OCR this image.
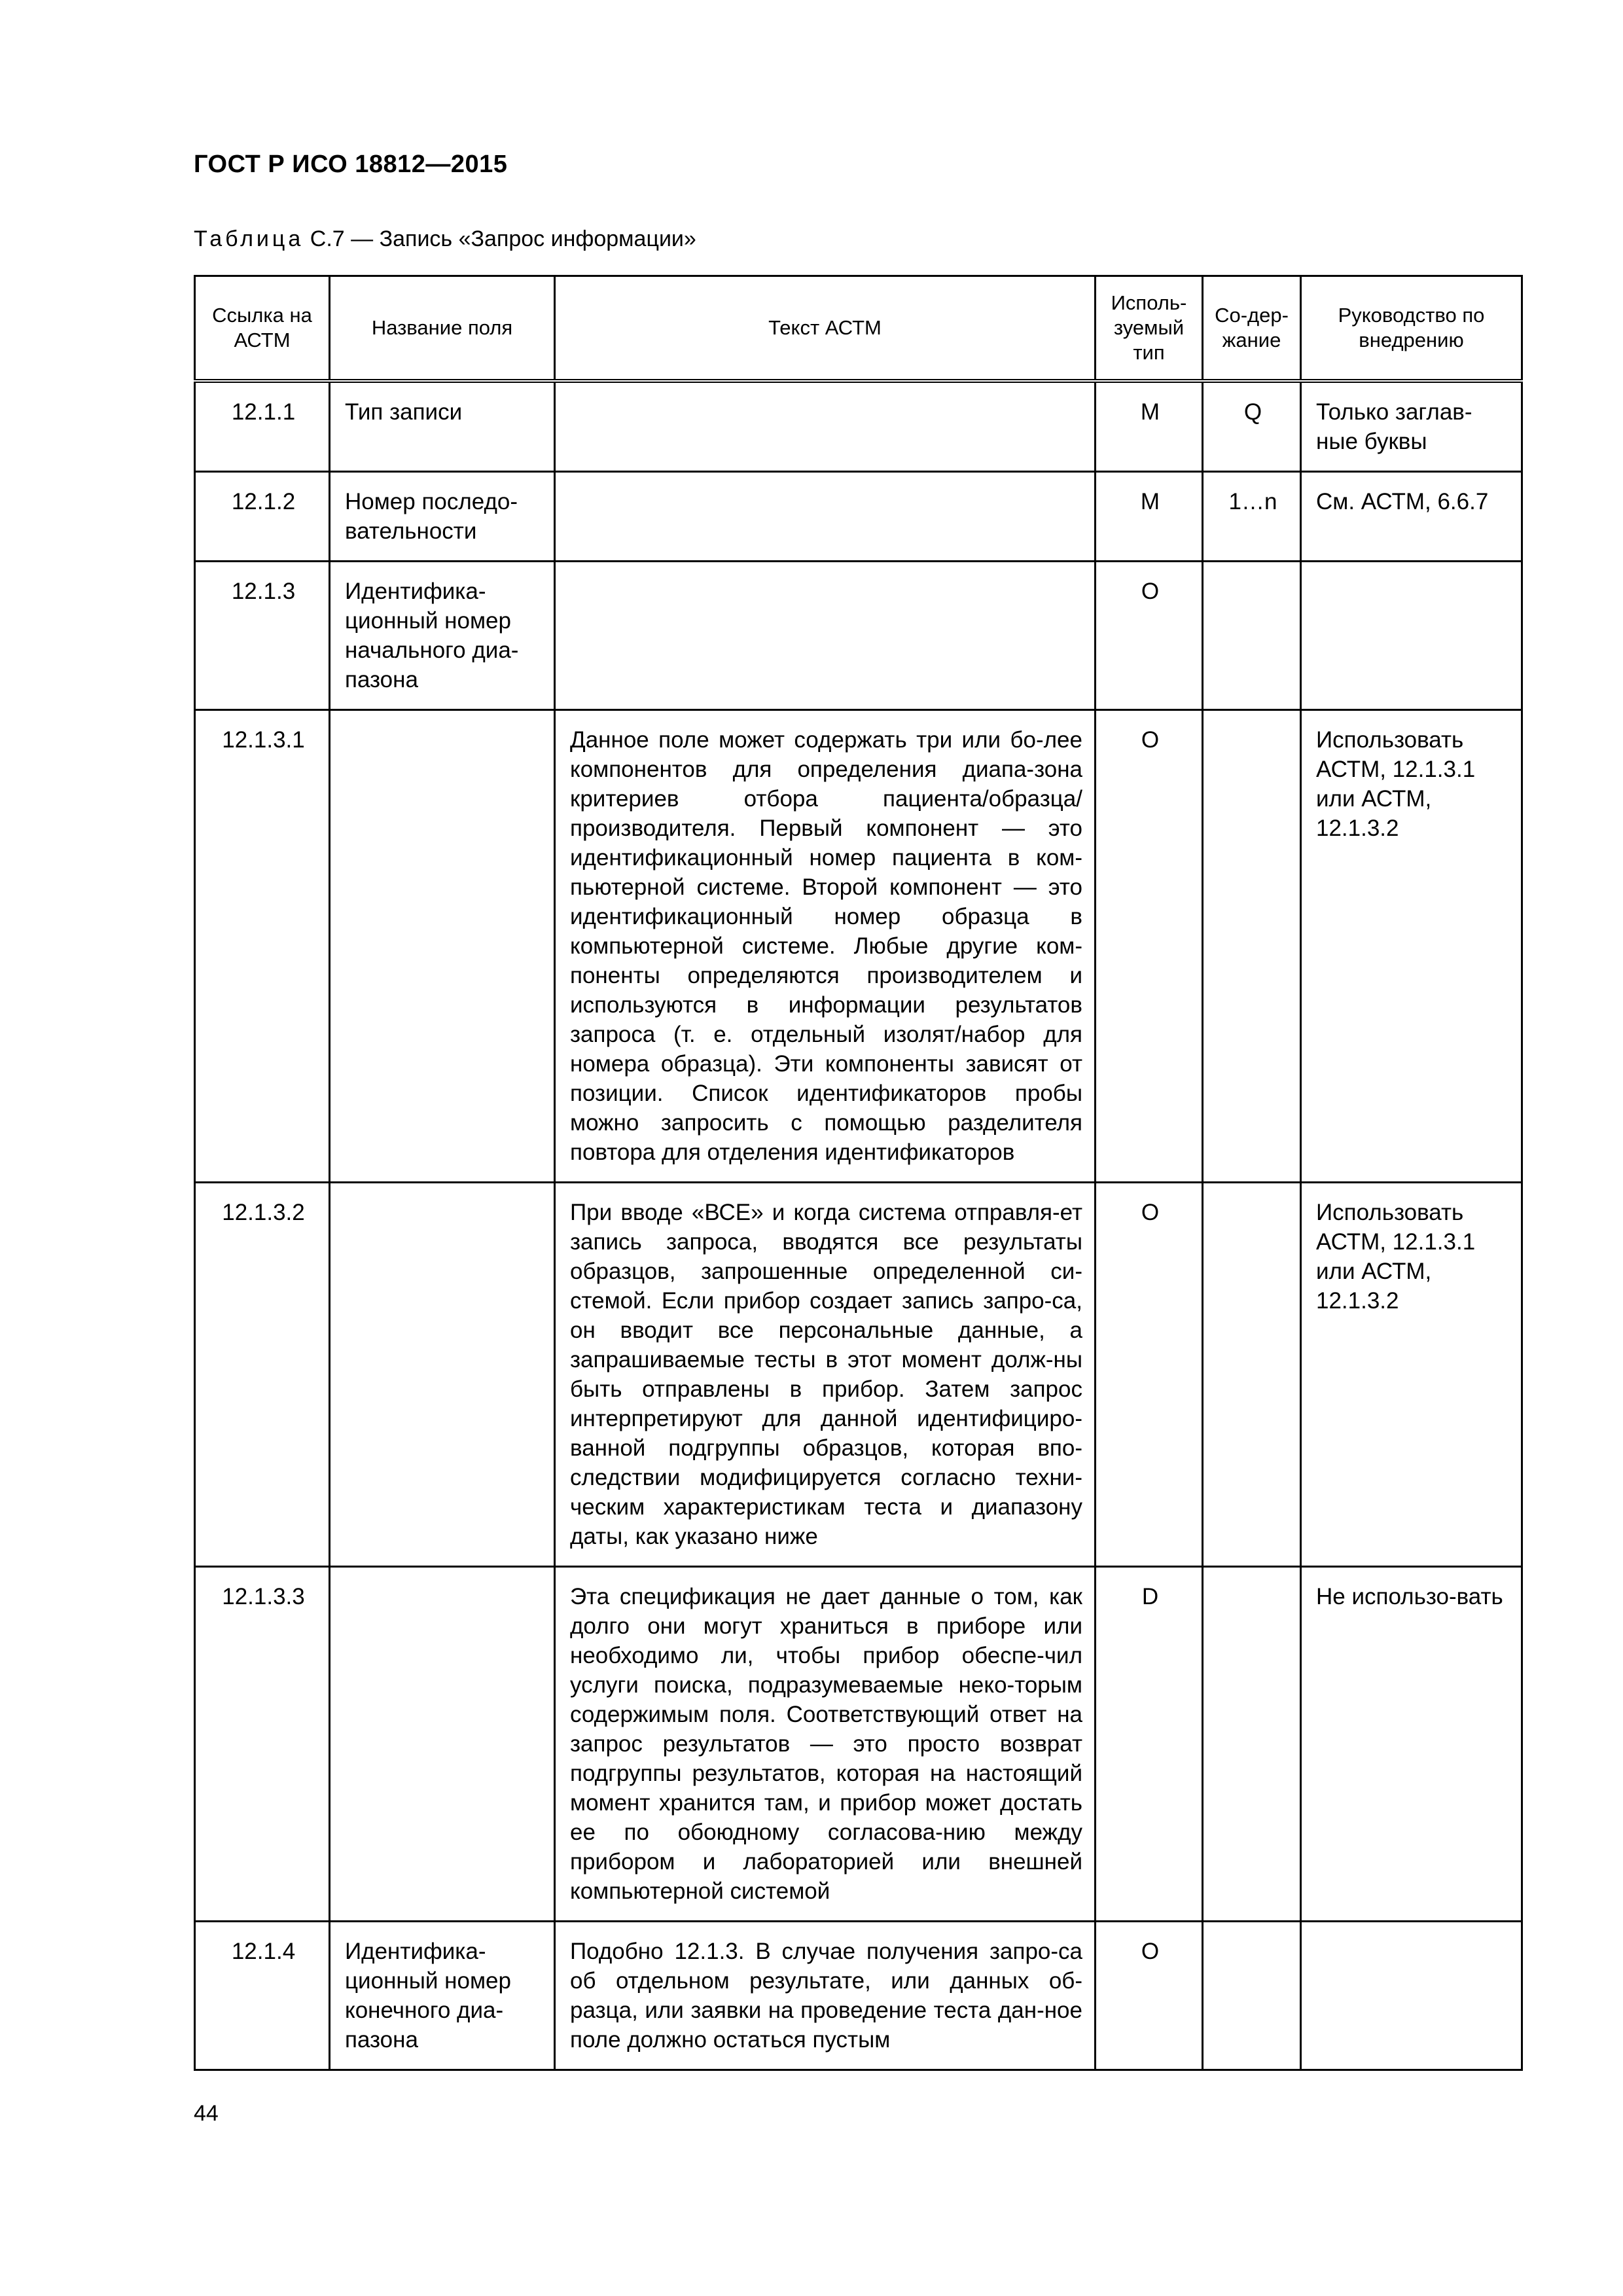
ГОСТ Р ИСО 18812—2015
Таблица С.7 — Запись «Запрос информации»
Ссылка на АСТМ	Название поля	Текст АСТМ	Исполь-зуемый тип	Со-дер-жание	Руководство по внедрению
12.1.1	Тип записи		M	Q	Только заглав-ные буквы
12.1.2	Номер последо-вательности		M	1…n	См. АСТМ, 6.6.7
12.1.3	Идентифика-ционный номер начального диа-пазона		O		
12.1.3.1		Данное поле может содержать три или бо-лее компонентов для определения диапа-зона критериев отбора пациента/образца/производителя. Первый компонент — это идентификационный номер пациента в ком-пьютерной системе. Второй компонент — это идентификационный номер образца в компьютерной системе. Любые другие ком-поненты определяются производителем и используются в информации результатов запроса (т. е. отдельный изолят/набор для номера образца). Эти компоненты зависят от позиции. Список идентификаторов пробы можно запросить с помощью разделителя повтора для отделения идентификаторов	O		Использовать АСТМ, 12.1.3.1 или АСТМ, 12.1.3.2
12.1.3.2		При вводе «ВСЕ» и когда система отправля-ет запись запроса, вводятся все результаты образцов, запрошенные определенной си-стемой. Если прибор создает запись запро-са, он вводит все персональные данные, а запрашиваемые тесты в этот момент долж-ны быть отправлены в прибор. Затем запрос интерпретируют для данной идентифициро-ванной подгруппы образцов, которая впо-следствии модифицируется согласно техни-ческим характеристикам теста и диапазону даты, как указано ниже	O		Использовать АСТМ, 12.1.3.1 или АСТМ, 12.1.3.2
12.1.3.3		Эта спецификация не дает данные о том, как долго они могут храниться в приборе или необходимо ли, чтобы прибор обеспе-чил услуги поиска, подразумеваемые неко-торым содержимым поля. Соответствующий ответ на запрос результатов — это просто возврат подгруппы результатов, которая на настоящий момент хранится там, и прибор может достать ее по обоюдному согласова-нию между прибором и лабораторией или внешней компьютерной системой	D		Не использо-вать
12.1.4	Идентифика-ционный номер конечного диа-пазона	Подобно 12.1.3. В случае получения запро-са об отдельном результате, или данных об-разца, или заявки на проведение теста дан-ное поле должно остаться пустым	O		
44
